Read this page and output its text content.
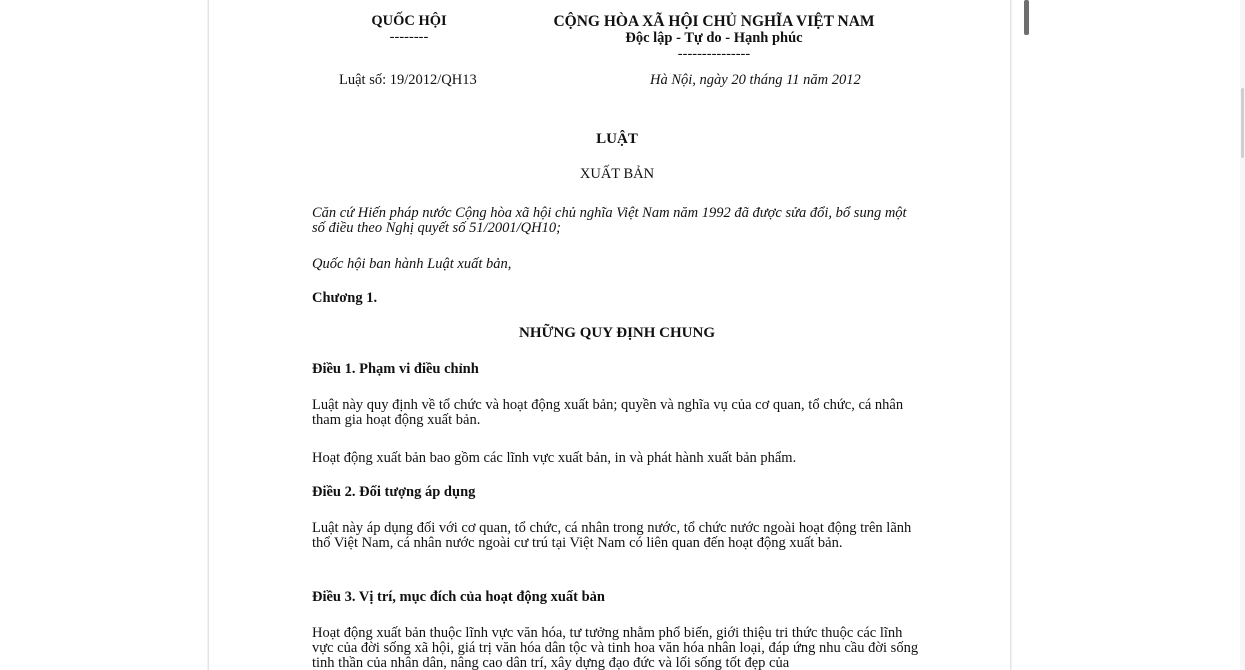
QUỐC HỘI
--------
CỘNG HÒA XÃ HỘI CHỦ NGHĨA VIỆT NAM
Độc lập - Tự do - Hạnh phúc
---------------
Luật số: 19/2012/QH13	Hà Nội, ngày 20 tháng 11 năm 2012
LUẬT
XUẤT BẢN
Căn cứ Hiến pháp nước Cộng hòa xã hội chủ nghĩa Việt Nam năm 1992 đã được sửa đổi, bổ sung một số điều theo Nghị quyết số 51/2001/QH10;
Quốc hội ban hành Luật xuất bản,
Chương 1.
NHỮNG QUY ĐỊNH CHUNG
Điều 1. Phạm vi điều chỉnh
Luật này quy định về tổ chức và hoạt động xuất bản; quyền và nghĩa vụ của cơ quan, tổ chức, cá nhân tham gia hoạt động xuất bản.
Hoạt động xuất bản bao gồm các lĩnh vực xuất bản, in và phát hành xuất bản phẩm.
Điều 2. Đối tượng áp dụng
Luật này áp dụng đối với cơ quan, tổ chức, cá nhân trong nước, tổ chức nước ngoài hoạt động trên lãnh thổ Việt Nam, cá nhân nước ngoài cư trú tại Việt Nam có liên quan đến hoạt động xuất bản.
Điều 3. Vị trí, mục đích của hoạt động xuất bản
Hoạt động xuất bản thuộc lĩnh vực văn hóa, tư tưởng nhằm phổ biến, giới thiệu tri thức thuộc các lĩnh vực của đời sống xã hội, giá trị văn hóa dân tộc và tinh hoa văn hóa nhân loại, đáp ứng nhu cầu đời sống tinh thần của nhân dân, nâng cao dân trí, xây dựng đạo đức và lối sống tốt đẹp của
